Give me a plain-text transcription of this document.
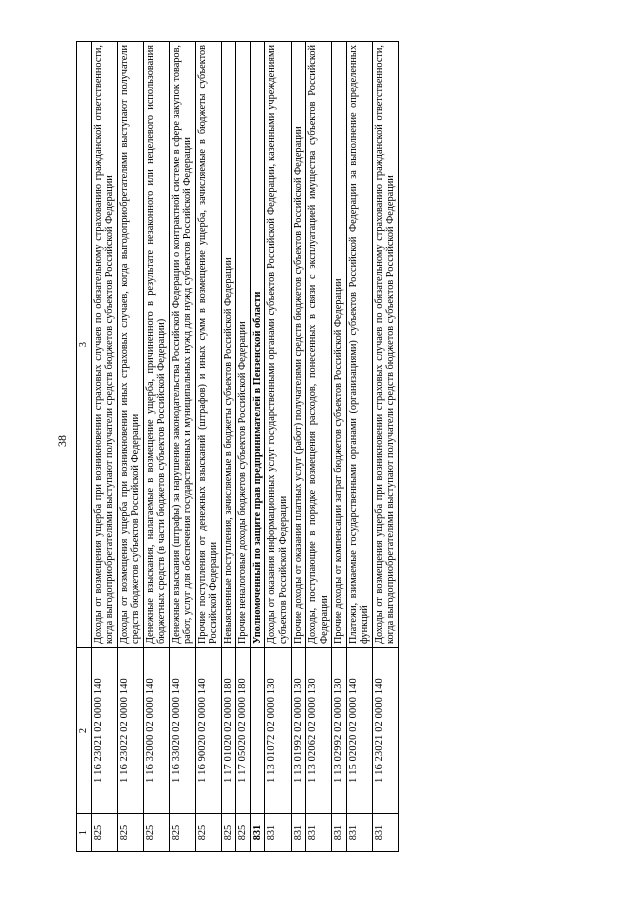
38
1	2	3
825	1 16 23021 02 0000 140	Доходы от возмещения ущерба при возникновении страховых случаев по обязательному страхованию гражданской ответственности, когда выгодоприобретателями выступают получатели средств бюджетов субъектов Российской Федерации
825	1 16 23022 02 0000 140	Доходы от возмещения ущерба при возникновении иных страховых случаев, когда выгодоприобретателями выступают получатели средств бюджетов субъектов Российской Федерации
825	1 16 32000 02 0000 140	Денежные взыскания, налагаемые в возмещение ущерба, причиненного в результате незаконного или нецелевого использования бюджетных средств (в части бюджетов субъектов Российской Федерации)
825	1 16 33020 02 0000 140	Денежные взыскания (штрафы) за нарушение законодательства Российской Федерации о контрактной системе в сфере закупок товаров, работ, услуг для обеспечения государственных и муниципальных нужд для нужд субъектов Российской Федерации
825	1 16 90020 02 0000 140	Прочие поступления от денежных взысканий (штрафов) и иных сумм в возмещение ущерба, зачисляемые в бюджеты субъектов Российской Федерации
825	1 17 01020 02 0000 180	Невыясненные поступления, зачисляемые в бюджеты субъектов Российской Федерации
825	1 17 05020 02 0000 180	Прочие неналоговые доходы бюджетов субъектов Российской Федерации
831		Уполномоченный по защите прав предпринимателей в Пензенской области
831	1 13 01072 02 0000 130	Доходы от оказания информационных услуг государственными органами субъектов Российской Федерации, казенными учреждениями субъектов Российской Федерации
831	1 13 01992 02 0000 130	Прочие доходы от оказания платных услуг (работ) получателями средств бюджетов субъектов Российской Федерации
831	1 13 02062 02 0000 130	Доходы, поступающие в порядке возмещения расходов, понесенных в связи с эксплуатацией имущества субъектов Российской Федерации
831	1 13 02992 02 0000 130	Прочие доходы от компенсации затрат бюджетов субъектов Российской Федерации
831	1 15 02020 02 0000 140	Платежи, взимаемые государственными органами (организациями) субъектов Российской Федерации за выполнение определенных функций
831	1 16 23021 02 0000 140	Доходы от возмещения ущерба при возникновении страховых случаев по обязательному страхованию гражданской ответственности, когда выгодоприобретателями выступают получатели средств бюджетов субъектов Российской Федерации
